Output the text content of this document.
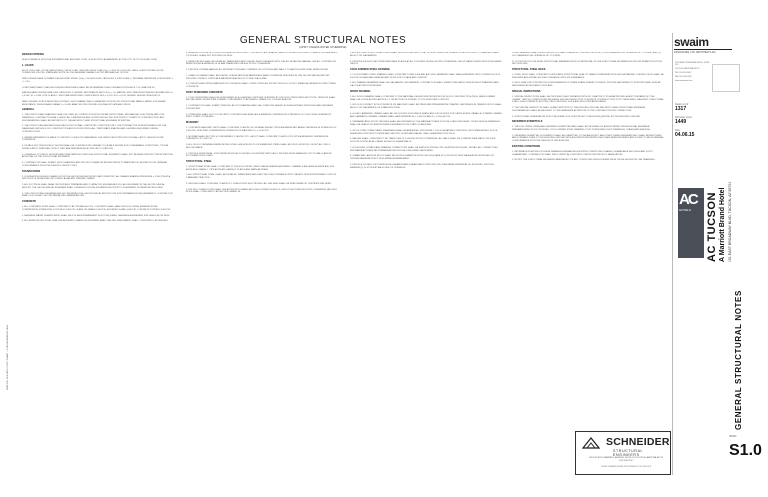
PRINTED: FILE PATH / PLOT STAMP — FOR REFERENCE ONLY
GENERAL STRUCTURAL NOTES
(APPLY UNLESS NOTED OTHERWISE)

DESIGN CRITERIA

IN ACCORDANCE WITH THE INTERNATIONAL BUILDING CODE, 2018 EDITION, AS AMENDED BY THE CITY OF TUCSON (IBC 2018).

1. LOADS

ROOF LIVE LOAD: 20 PSF (REDUCIBLE). SNOW LOAD: GROUND SNOW LOAD (Pg) = 0 PSF. FLOOR LIVE LOADS: GUEST ROOMS 40 PSF, CORRIDORS 100 PSF, STAIRS AND EXITS 100 PSF, ASSEMBLY AREAS 100 PSF, MECHANICAL 125 PSF.

WIND DESIGN DATA: ULTIMATE DESIGN WIND SPEED (Vult) = 110 MPH, RISK CATEGORY II, EXPOSURE C, INTERNAL PRESSURE COEFFICIENT = +/- 0.18.

COMPONENTS AND CLADDING DESIGN PRESSURES SHALL BE DETERMINED IN ACCORDANCE WITH ASCE 7-16 CHAPTER 30.

EARTHQUAKE DESIGN DATA: RISK CATEGORY II, SEISMIC IMPORTANCE FACTOR Ie = 1.0, MAPPED SPECTRAL RESPONSE ACCELERATIONS Ss = 0.266, S1 = 0.084, SITE CLASS D, SPECTRAL RESPONSE COEFFICIENTS SDS = 0.278, SD1 = 0.134, SEISMIC DESIGN CATEGORY B.

BASIC SEISMIC FORCE RESISTING SYSTEM: LIGHT FRAMED WALLS SHEATHED WITH WOOD STRUCTURAL PANELS RATED FOR SHEAR RESISTANCE. DESIGN BASE SHEAR V = 0.04W. ANALYSIS PROCEDURE: EQUIVALENT LATERAL FORCE.

GENERAL

1. THE STRUCTURAL DRAWINGS SHALL BE USED IN CONJUNCTION WITH THE ARCHITECTURAL, MECHANICAL, ELECTRICAL AND CIVIL DRAWINGS. CONTRACTOR SHALL VERIFY ALL DIMENSIONS AND CONDITIONS AT THE SITE PRIOR TO START OF CONSTRUCTION. ANY DISCREPANCIES SHALL BE REPORTED TO THE ARCHITECT AND STRUCTURAL ENGINEER IN WRITING.

2. THE STRUCTURE HAS BEEN DESIGNED FOR ITS FINAL COMPLETED CONDITION ONLY. THE CONTRACTOR IS RESPONSIBLE FOR THE MEANS AND METHODS OF CONSTRUCTION AND FOR PROVIDING ALL TEMPORARY BRACING AND SHORING REQUIRED DURING CONSTRUCTION.

3. WHERE REFERENCE IS MADE TO SPECIFIC CODES OR STANDARDS, THE LATEST ADOPTED EDITION SHALL APPLY UNLESS NOTED OTHERWISE.

4. DETAILS NOT SPECIFICALLY SHOWN SHALL BE CONSTRUCTED SIMILAR TO DETAILS SHOWN FOR COMPARABLE CONDITIONS. TYPICAL DETAILS APPLY WHETHER OR NOT THEY ARE REFERENCED AT SPECIFIC LOCATIONS.

5. OPENINGS, POCKETS, SLEEVES AND PENETRATIONS THROUGH STRUCTURAL ELEMENTS SHALL NOT BE MADE WITHOUT PRIOR WRITTEN APPROVAL OF THE STRUCTURAL ENGINEER.

6. CONTRACTOR SHALL SUBMIT SHOP DRAWINGS AND PRODUCT DATA FOR REVIEW PRIOR TO FABRICATION. REVIEW IS FOR GENERAL CONFORMANCE WITH THE DESIGN CONCEPT ONLY.

FOUNDATIONS

1. FOUNDATION DESIGN IS BASED UPON THE GEOTECHNICAL INVESTIGATION REPORT. ALLOWABLE BEARING PRESSURE = 2,500 PSF AT A DEPTH OF 24 INCHES BELOW LOWEST ADJACENT FINISHED GRADE.

2. ALL FOOTINGS SHALL BEAR ON PROPERLY PREPARED AND COMPACTED ENGINEERED FILL AS DESCRIBED IN THE GEOTECHNICAL REPORT. THE GEOTECHNICAL ENGINEER SHALL OBSERVE FOOTING EXCAVATIONS PRIOR TO PLACEMENT OF REINFORCING STEEL.

3. THE STRUCTURAL ENGINEER HAS NOT REVIEWED THE GEOTECHNICAL REPORT FOR SITE PREPARATION REQUIREMENTS. CONTRACTOR SHALL FOLLOW ALL GEOTECHNICAL RECOMMENDATIONS.

CONCRETE

1. ALL CONCRETE WORK SHALL CONFORM TO ACI 318 AND ACI 301. CONCRETE SHALL HAVE THE FOLLOWING MINIMUM 28 DAY COMPRESSIVE STRENGTHS: FOOTINGS 3,000 PSI, SLABS ON GRADE 3,000 PSI, ELEVATED SLABS 4,000 PSI, CONCRETE TOPPING 3,000 PSI.

2. MAXIMUM WATER CEMENT RATIO SHALL BE 0.50. AIR ENTRAINMENT IS NOT REQUIRED. MAXIMUM AGGREGATE SIZE SHALL BE 3/4 INCH.

3. ALL REINFORCING STEEL SHALL BE ASTM A615 GRADE 60 DEFORMED BARS. WELDED WIRE FABRIC SHALL CONFORM TO ASTM A1064.

4. MINIMUM CONCRETE COVER FOR REINFORCING STEEL: CONCRETE CAST AGAINST EARTH 3 INCHES, EXPOSED TO EARTH OR WEATHER 1-1/2 INCHES, SLABS NOT EXPOSED 3/4 INCH.

5. REINFORCING SHALL BE DETAILED, FABRICATED AND PLACED IN ACCORDANCE WITH THE ACI DETAILING MANUAL. LAP ALL CONTINUOUS REINFORCING A MINIMUM OF 48 BAR DIAMETERS UNLESS NOTED OTHERWISE.

6. PROVIDE CORNER BARS AT ALL INTERSECTIONS AND CORNERS OF FOOTINGS AND WALLS TO MATCH HORIZONTAL REINFORCING.

7. SLABS ON GRADE SHALL BE PLACED OVER A VAPOR RETARDER AND BASE COURSE AS SPECIFIED IN THE GEOTECHNICAL REPORT. PROVIDE CONTROL JOINTS AT A MAXIMUM SPACING OF 12 FEET EACH WAY.

8. CONDUITS AND PIPES EMBEDDED IN CONCRETE SHALL COMPLY WITH ACI 318 SECTION 20.6. DO NOT EMBED ALUMINUM IN STRUCTURAL CONCRETE.

POST-TENSIONED CONCRETE

1. POST-TENSIONING SHALL BE PERFORMED BY A QUALIFIED SUPPLIER CERTIFIED BY THE POST-TENSIONING INSTITUTE. TENDONS SHALL BE UNBONDED SEVEN WIRE STRAND CONFORMING TO ASTM A416, GRADE 270, LOW RELAXATION.

2. CONTRACTOR SHALL SUBMIT TENDON LAYOUT DRAWINGS AND CALCULATIONS SEALED BY A REGISTERED PROFESSIONAL ENGINEER FOR REVIEW.

3. STRESSING SHALL NOT OCCUR UNTIL CONCRETE HAS REACHED A MINIMUM COMPRESSIVE STRENGTH OF 2,500 PSI AS VERIFIED BY FIELD CURED CYLINDERS.

MASONRY

1. CONCRETE MASONRY UNITS SHALL CONFORM TO ASTM C90, NORMAL WEIGHT, WITH A MINIMUM NET AREA COMPRESSIVE STRENGTH OF 2,000 PSI. SPECIFIED COMPRESSIVE STRENGTH OF MASONRY f'm = 2,000 PSI.

2. MORTAR SHALL BE TYPE S CONFORMING TO ASTM C270. GROUT SHALL CONFORM TO ASTM C476 WITH A MINIMUM COMPRESSIVE STRENGTH OF 2,000 PSI.

3. ALL CELLS CONTAINING REINFORCING STEEL, ANCHOR BOLTS OR EMBEDDED ITEMS SHALL BE SOLID GROUTED. GROUT ALL CELLS BELOW GRADE.

4. PROVIDE HORIZONTAL JOINT REINFORCING AT 16 INCHES ON CENTER VERTICALLY. PROVIDE BOND BEAMS AT TOP OF WALLS AND AT FLOOR AND ROOF LINES.

STRUCTURAL STEEL

1. STRUCTURAL STEEL SHALL CONFORM TO THE FOLLOWING: WIDE FLANGE SHAPES ASTM A992, CHANNELS AND ANGLES ASTM A36, HSS ASTM A500 GRADE C, PIPE ASTM A53 GRADE B, PLATES AND BARS ASTM A36.

2. ALL STRUCTURAL STEEL SHALL BE DETAILED, FABRICATED AND ERECTED IN ACCORDANCE WITH THE AISC SPECIFICATION AND CODE OF STANDARD PRACTICE.

3. WELDING SHALL CONFORM TO AWS D1.1 USING E70XX ELECTRODES. ALL WELDING SHALL BE PERFORMED BY CERTIFIED WELDERS.

4. BOLTED CONNECTIONS SHALL USE ASTM F3125 GRADE A325 HIGH STRENGTH BOLTS, SNUG TIGHT UNLESS NOTED OTHERWISE. ANCHOR RODS SHALL CONFORM TO ASTM F1554 GRADE 36.

5. ALL EXPOSED STRUCTURAL STEEL SHALL RECEIVE ONE SHOP COAT OF RUST INHIBITIVE PRIMER. STEEL EXPOSED TO WEATHER SHALL BE HOT DIP GALVANIZED.

6. PROVIDE 3/8 INCH CAP PLATES AND BASE PLATES AT ALL COLUMNS UNLESS NOTED OTHERWISE. GROUT BASE PLATES WITH NON-SHRINK GROUT.

COLD-FORMED STEEL FRAMING

1. COLD-FORMED STEEL FRAMING SHALL CONFORM TO AISI S100 AND AISI S240. MEMBERS SHALL HAVE A MINIMUM YIELD STRENGTH OF 50 KSI FOR 16 GAGE AND HEAVIER AND 33 KSI FOR 18 GAGE AND LIGHTER.

2. ALL FRAMING MEMBERS SHALL BE GALVANIZED G60 MINIMUM. CONTRACTOR SHALL SUBMIT DELEGATED DESIGN SHOP DRAWINGS AND CALCULATIONS FOR REVIEW.

WOOD FRAMING

1. ALL WOOD FRAMING SHALL CONFORM TO THE NATIONAL DESIGN SPECIFICATION FOR WOOD CONSTRUCTION (NDS). SAWN LUMBER SHALL BE DOUGLAS FIR-LARCH NO. 2 OR BETTER, KILN DRIED TO 19% MOISTURE CONTENT.

2. WOOD IN CONTACT WITH CONCRETE OR MASONRY SHALL BE PRESSURE PRESERVATIVE TREATED. FASTENERS IN TREATED WOOD SHALL BE HOT DIP GALVANIZED OR STAINLESS STEEL.

3. GLUED LAMINATED TIMBER SHALL BE 24F-V4 DF/DF FOR SIMPLE SPANS AND 24F-V8 DF/DF FOR CANTILEVERS. PARALLEL STRAND LUMBER AND LAMINATED VENEER LUMBER SHALL HAVE MINIMUM Fb = 2,600 PSI AND E = 1,900,000 PSI.

4. PREFABRICATED WOOD TRUSSES SHALL BE DESIGNED BY THE MANUFACTURER FOR THE LOADS INDICATED. TRUSS DESIGN DRAWINGS SHALL BE SEALED BY A REGISTERED ENGINEER IN THE STATE OF ARIZONA.

5. WOOD STRUCTURAL PANEL SHEATHING SHALL BE APA RATED, EXPOSURE 1. ROOF SHEATHING 19/32 INCH, 40/20 SPAN RATING. FLOOR SHEATHING 23/32 INCH TONGUE AND GROOVE, GLUED AND NAILED. WALL SHEATHING 15/32 INCH.

6. NAILING SHALL CONFORM TO IBC TABLE 2304.10.1 UNLESS NOTED OTHERWISE. ALL NAILS SHALL BE COMMON WIRE NAILS. PROVIDE SOLID BLOCKING AT ALL PANEL EDGES OF SHEAR WALLS.

7. HOLDOWNS, STRAPS AND FRAMING CONNECTORS SHALL BE SIMPSON STRONG-TIE OR APPROVED EQUAL. INSTALL ALL CONNECTORS PER MANUFACTURER RECOMMENDATIONS WITH ALL REQUIRED FASTENERS.

8. SHEAR WALL ANCHOR BOLTS SHALL BE 5/8 INCH DIAMETER WITH 3 INCH SQUARE BY 0.229 INCH PLATE WASHERS AT 48 INCHES ON CENTER MAXIMUM WITH 7 INCH MINIMUM EMBEDMENT.

9. PROVIDE DOUBLE TOP PLATES AT ALL BEARING AND SHEAR WALLS WITH SPLICES STAGGERED A MINIMUM OF 48 INCHES. PROVIDE MINIMUM (2) 2x STUDS AT EACH SIDE OF OPENINGS.

10. ALL HEADERS SHALL BE AS SHOWN ON PLANS. WHERE NOT SHOWN, PROVIDE (2) 2x10 HEADERS FOR OPENINGS UP TO 6 FEET AND (2) 2x12 HEADERS FOR OPENINGS UP TO 8 FEET.

11. DO NOT NOTCH OR BORE STRUCTURAL MEMBERS WITHOUT APPROVAL OF THE STRUCTURAL ENGINEER EXCEPT AS PERMITTED BY IBC SECTION 2308.

STRUCTURAL STEEL DECK

1. STEEL DECK SHALL CONFORM TO ASTM A653 STRUCTURAL QUALITY GRADE 33 MINIMUM WITH G60 GALVANIZED COATING. DECK SHALL BE DESIGNED AND INSTALLED IN ACCORDANCE WITH SDI STANDARDS.

2. DECK SHALL BE CONTINUOUS OVER A MINIMUM OF THREE SPANS WHERE POSSIBLE. PROVIDE FASTENING TO SUPPORTS AND SIDELAP FASTENERS AS INDICATED ON PLANS.

SPECIAL INSPECTIONS

1. SPECIAL INSPECTIONS SHALL BE PROVIDED IN ACCORDANCE WITH IBC CHAPTER 17 BY AN APPROVED AGENCY RETAINED BY THE OWNER. THE FOLLOWING WORK REQUIRES SPECIAL INSPECTION: CONCRETE CONSTRUCTION, POST-TENSIONING, MASONRY, STRUCTURAL STEEL, HIGH STRENGTH BOLTING, FIELD WELDING, SOILS AND HOLDOWN ANCHORAGE.

2. THE SPECIAL INSPECTOR SHALL SUBMIT REPORTS TO THE BUILDING OFFICIAL, ARCHITECT AND STRUCTURAL ENGINEER. DISCREPANCIES SHALL BE BROUGHT TO THE IMMEDIATE ATTENTION OF THE CONTRACTOR FOR CORRECTION.

3. STRUCTURAL OBSERVATION IS NOT REQUIRED FOR THIS PROJECT UNLESS REQUESTED BY THE BUILDING OFFICIAL.

DEFERRED SUBMITTALS

1. THE FOLLOWING ITEMS ARE DEFERRED SUBMITTALS AND SHALL BE DESIGNED BY A REGISTERED PROFESSIONAL ENGINEER: PREFABRICATED WOOD TRUSSES, COLD-FORMED STEEL FRAMING, POST-TENSIONING SHOP DRAWINGS, STAIRS AND RAILINGS.

2. DEFERRED SUBMITTAL DOCUMENTS SHALL BE SUBMITTED TO THE ARCHITECT AND STRUCTURAL ENGINEER WHO SHALL REVIEW THEM AND FORWARD THEM TO THE BUILDING OFFICIAL WITH A NOTATION INDICATING THEY HAVE BEEN REVIEWED AND FOUND TO BE IN GENERAL CONFORMANCE WITH THE DESIGN OF THE BUILDING.

EXISTING CONDITIONS

1. INFORMATION SHOWN ON THESE DRAWINGS REGARDING EXISTING CONDITIONS IS BASED ON AVAILABLE RECORDS AND IS NOT GUARANTEED. CONTRACTOR SHALL FIELD VERIFY ALL EXISTING CONDITIONS PRIOR TO FABRICATION.

2. NOTIFY THE STRUCTURAL ENGINEER IMMEDIATELY OF ANY CONDITIONS WHICH DIFFER FROM THOSE SHOWN ON THE DRAWINGS.

swaim
ASSOCIATES, LTD. ARCHITECTS AIA

7350 EAST SPEEDWAY BLVD, SUITE 210

TUCSON, ARIZONA 85710

TEL 520.326.3402

FAX 520.326.5282

www.swaimaia.com

Swaim proj #
1317
Schneider proj #
1449
Date
04.06.15
AC
HOTELS AC TUCSON A Marriott Brand Hotel 151 EAST BROADWAY BLVD, TUCSON, AZ 85701
GENERAL STRUCTURAL NOTES
SHEET
S1.0
SCHNEIDER
STRUCTURAL ENGINEERS
3501 NORTH CAMPBELL AVENUE, SUITE 101 TUCSON, ARIZONA 85719 520.326.0700
THESE DRAWINGS ARE INSTRUMENTS OF SERVICE
